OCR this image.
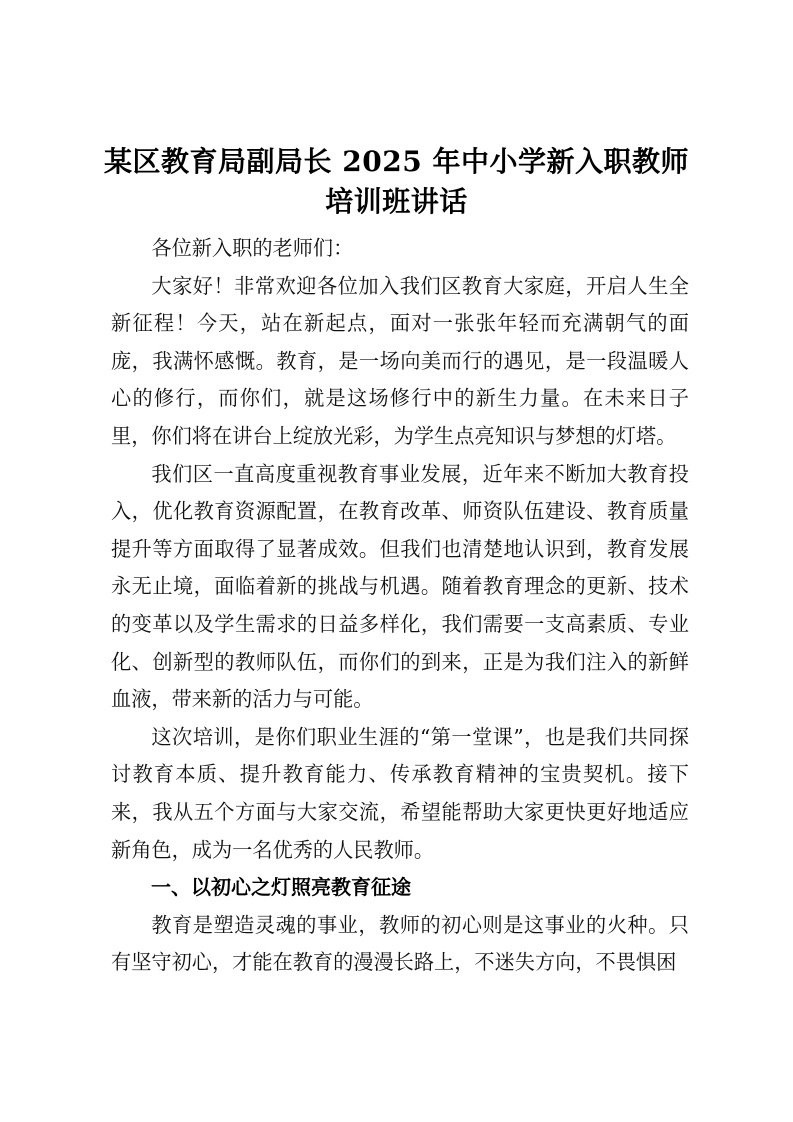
某区教育局副局长 2025 年中小学新入职教师培训班讲话

各位新入职的老师们：

大家好！非常欢迎各位加入我们区教育大家庭，开启人生全新征程！今天，站在新起点，面对一张张年轻而充满朝气的面庞，我满怀感慨。教育，是一场向美而行的遇见，是一段温暖人心的修行，而你们，就是这场修行中的新生力量。在未来日子里，你们将在讲台上绽放光彩，为学生点亮知识与梦想的灯塔。

我们区一直高度重视教育事业发展，近年来不断加大教育投入，优化教育资源配置，在教育改革、师资队伍建设、教育质量提升等方面取得了显著成效。但我们也清楚地认识到，教育发展永无止境，面临着新的挑战与机遇。随着教育理念的更新、技术的变革以及学生需求的日益多样化，我们需要一支高素质、专业化、创新型的教师队伍，而你们的到来，正是为我们注入的新鲜血液，带来新的活力与可能。

这次培训，是你们职业生涯的“第一堂课”，也是我们共同探讨教育本质、提升教育能力、传承教育精神的宝贵契机。接下来，我从五个方面与大家交流，希望能帮助大家更快更好地适应新角色，成为一名优秀的人民教师。

一、以初心之灯照亮教育征途

教育是塑造灵魂的事业，教师的初心则是这事业的火种。只有坚守初心，才能在教育的漫漫长路上，不迷失方向，不畏惧困
